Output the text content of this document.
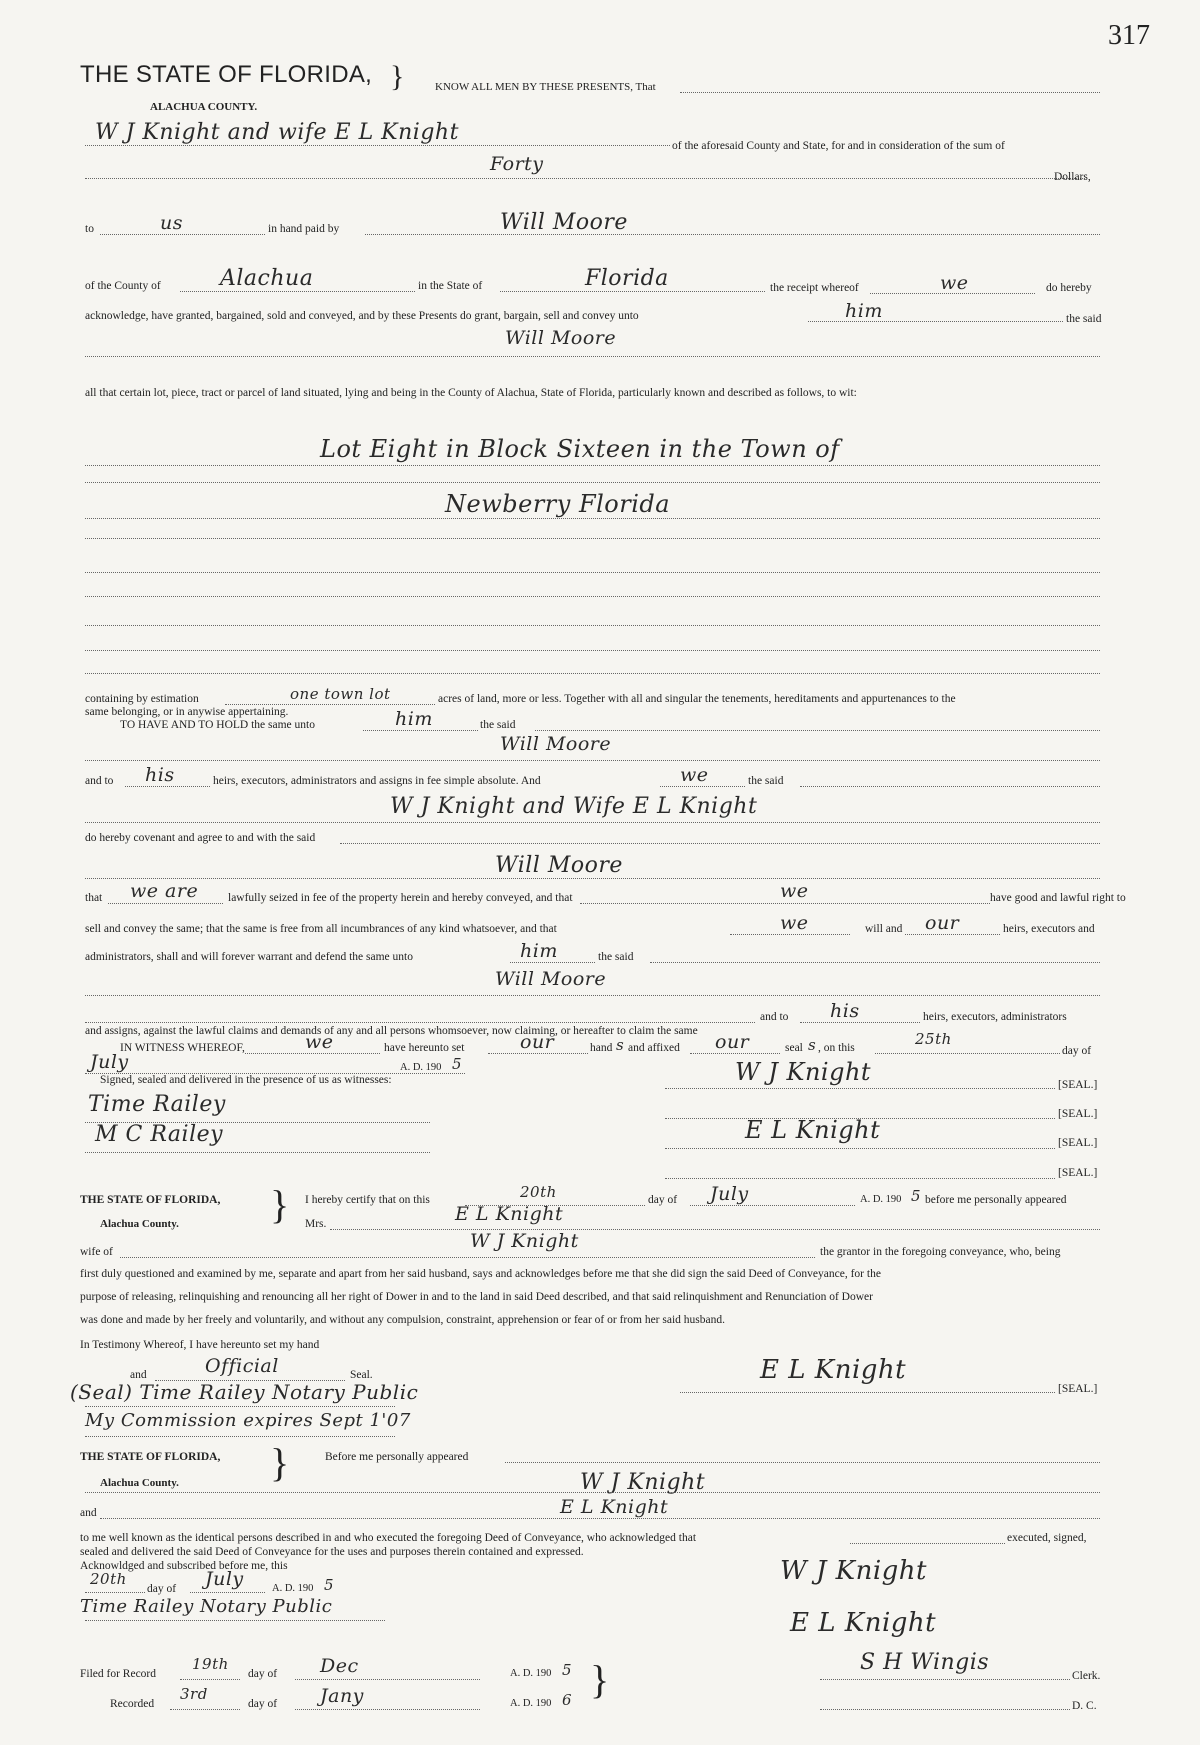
317
THE STATE OF FLORIDA, }
ALACHUA COUNTY.
KNOW ALL MEN BY THESE PRESENTS, That
W J Knight and wife E L Knight
of the aforesaid County and State, for and in consideration of the sum of
Forty
Dollars,
to	us	in hand paid by	Will Moore
of the County of	Alachua	in the State of	Florida	the receipt whereof	we	do hereby
acknowledge, have granted, bargained, sold and conveyed, and by these Presents do grant, bargain, sell and convey unto	him	the said
Will Moore
all that certain lot, piece, tract or parcel of land situated, lying and being in the County of Alachua, State of Florida, particularly known and described as follows, to wit:
Lot Eight in Block Sixteen in the Town of
Newberry Florida
containing by estimation	one town lot	acres of land, more or less. Together with all and singular the tenements, hereditaments and appurtenances to the
same belonging, or in anywise appertaining.
TO HAVE AND TO HOLD the same unto	him	the said
Will Moore
and to his	heirs, executors, administrators and assigns in fee simple absolute. And	we	the said
W J Knight and Wife E L Knight
do hereby covenant and agree to and with the said
Will Moore
that we are	lawfully seized in fee of the property herein and hereby conveyed, and that	we	have good and lawful right to
sell and convey the same; that the same is free from all incumbrances of any kind whatsoever, and that	we	will and our	heirs, executors and
administrators, shall and will forever warrant and defend the same unto	him	the said
Will Moore
and to his	heirs, executors, administrators
and assigns, against the lawful claims and demands of any and all persons whomsoever, now claiming, or hereafter to claim the same
IN WITNESS WHEREOF,	we	have hereunto set	our	hand s and affixed our	seal s , on this	25th
day of
July	A. D. 190 5
Signed, sealed and delivered in the presence of us as witnesses:
Time Railey
M C Railey
W J Knight	[SEAL.]
[SEAL.]
E L Knight	[SEAL.]
[SEAL.]
THE STATE OF FLORIDA,
Alachua County. } I hereby certify that on this	20th	day of July	A. D. 190 5 before me personally appeared
Mrs.	E L Knight
wife of	W J Knight	the grantor in the foregoing conveyance, who, being
first duly questioned and examined by me, separate and apart from her said husband, says and acknowledges before me that she did sign the said Deed of Conveyance, for the
purpose of releasing, relinquishing and renouncing all her right of Dower in and to the land in said Deed described, and that said relinquishment and Renunciation of Dower
was done and made by her freely and voluntarily, and without any compulsion, constraint, apprehension or fear of or from her said husband.
In Testimony Whereof, I have hereunto set my hand
and	Official	Seal.
(Seal) Time Railey Notary Public
My Commission expires Sept 1'07
E L Knight
[SEAL.]
THE STATE OF FLORIDA,
Alachua County. }	Before me personally appeared
W J Knight
and	E L Knight
to me well known as the identical persons described in and who executed the foregoing Deed of Conveyance, who acknowledged that	executed, signed,
sealed and delivered the said Deed of Conveyance for the uses and purposes therein contained and expressed.
Acknowldged and subscribed before me, this
20th
day of July	A. D. 190 5
Time Railey Notary Public
W J Knight
E L Knight
Filed for Record
19th
day of Dec	A. D. 190 5
Recorded
3rd
day of Jany	A. D. 190 6 }	S H Wingis
Clerk.
D. C.
